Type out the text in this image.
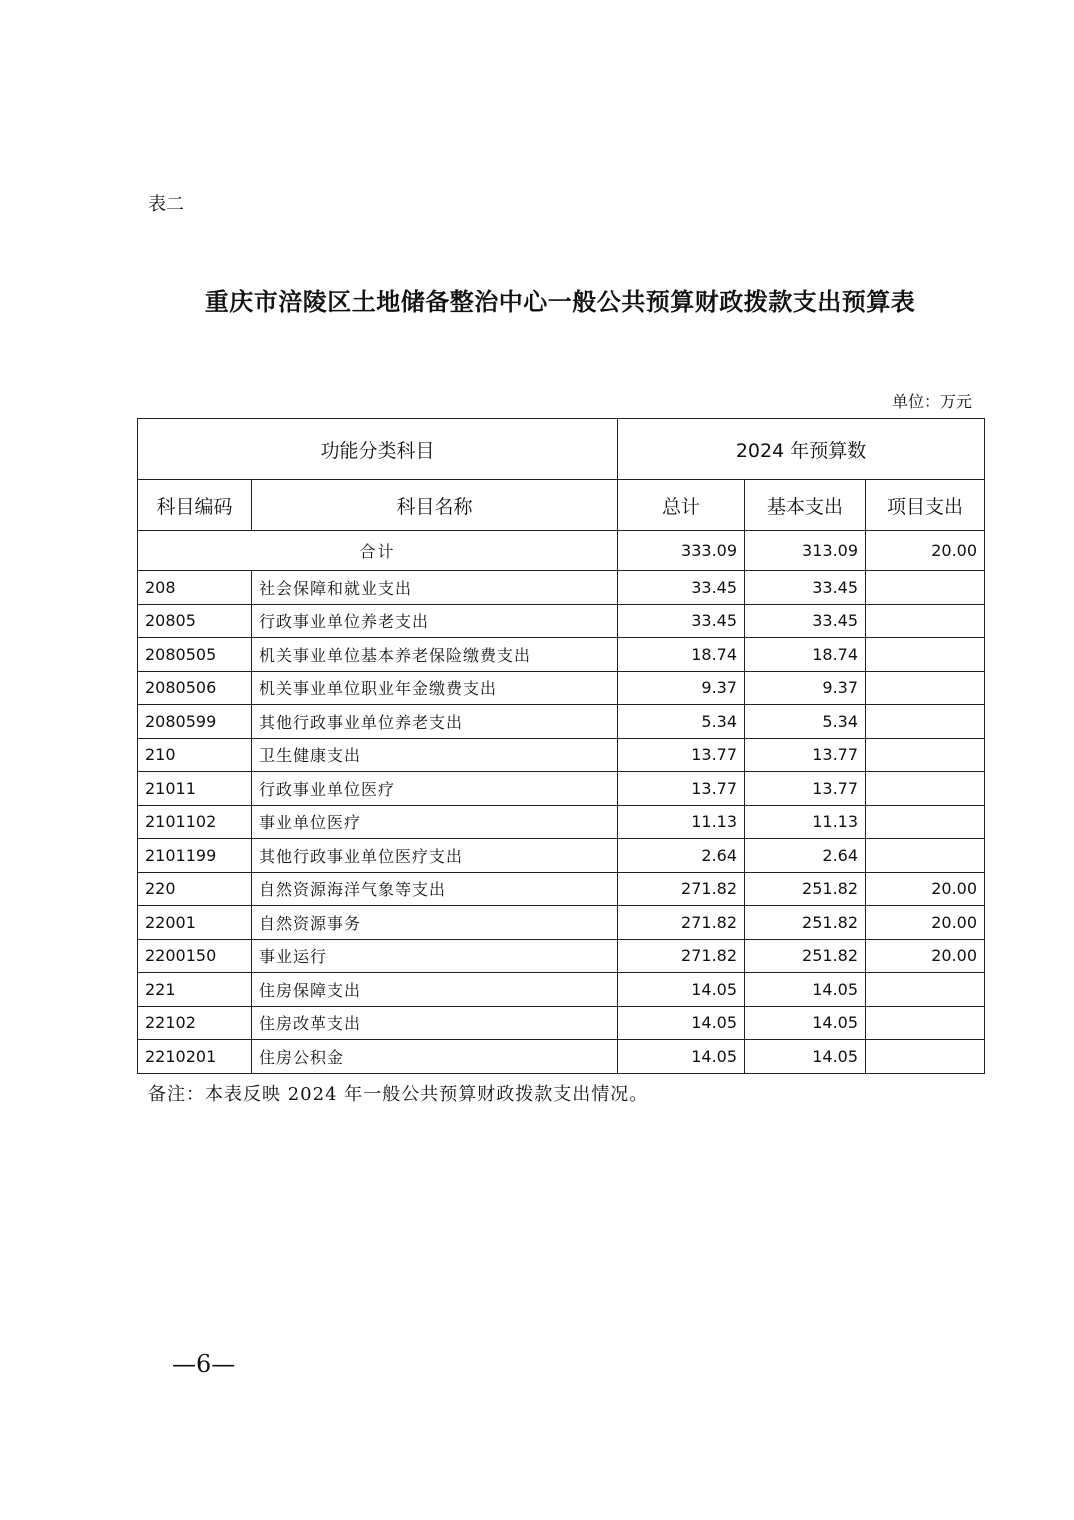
表二
重庆市涪陵区土地储备整治中心一般公共预算财政拨款支出预算表
单位：万元
功能分类科目		2024 年预算数		
科目编码	科目名称	总计	基本支出	项目支出
合计		333.09	313.09	20.00
208	社会保障和就业支出	33.45	33.45	
20805	行政事业单位养老支出	33.45	33.45	
2080505	机关事业单位基本养老保险缴费支出	18.74	18.74	
2080506	机关事业单位职业年金缴费支出	9.37	9.37	
2080599	其他行政事业单位养老支出	5.34	5.34	
210	卫生健康支出	13.77	13.77	
21011	行政事业单位医疗	13.77	13.77	
2101102	事业单位医疗	11.13	11.13	
2101199	其他行政事业单位医疗支出	2.64	2.64	
220	自然资源海洋气象等支出	271.82	251.82	20.00
22001	自然资源事务	271.82	251.82	20.00
2200150	事业运行	271.82	251.82	20.00
221	住房保障支出	14.05	14.05	
22102	住房改革支出	14.05	14.05	
2210201	住房公积金	14.05	14.05	
备注：本表反映 2024 年一般公共预算财政拨款支出情况。
—6—
